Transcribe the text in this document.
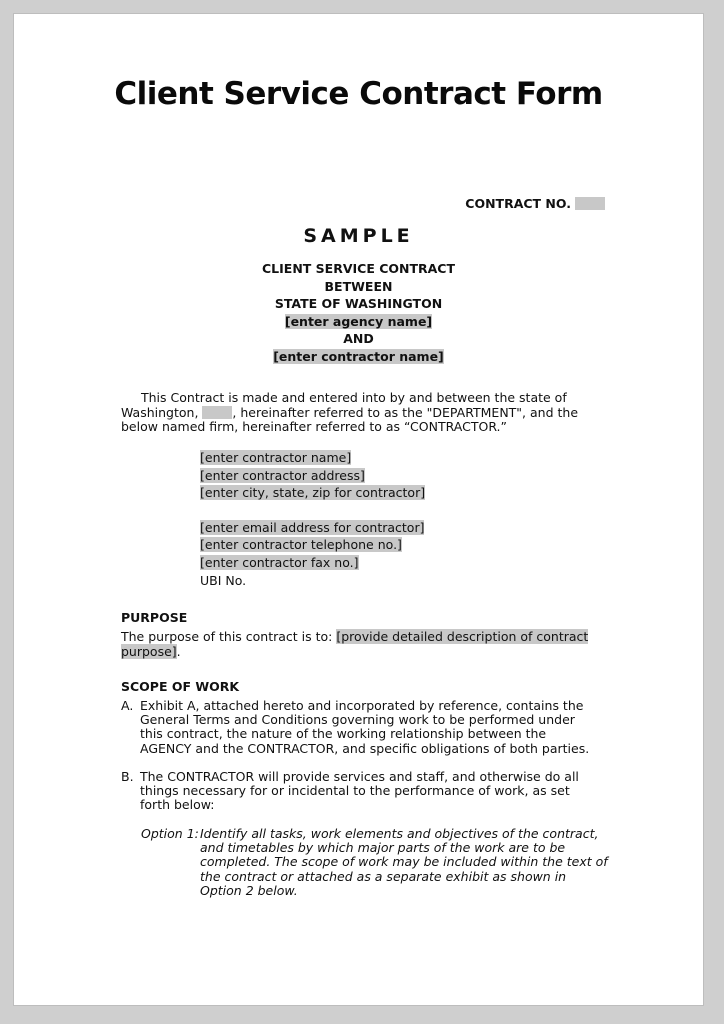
Client Service Contract Form
CONTRACT NO.
SAMPLE
CLIENT SERVICE CONTRACT
BETWEEN
STATE OF WASHINGTON
[enter agency name]
AND
[enter contractor name]
This Contract is made and entered into by and between the state of Washington,	, hereinafter referred to as the "DEPARTMENT", and the below named firm, hereinafter referred to as “CONTRACTOR.”
[enter contractor name]
[enter contractor address]
[enter city, state, zip for contractor]
[enter email address for contractor]
[enter contractor telephone no.]
[enter contractor fax no.]
UBI No.
PURPOSE
The purpose of this contract is to: [provide detailed description of contract purpose].
SCOPE OF WORK
A. Exhibit A, attached hereto and incorporated by reference, contains the General Terms and Conditions governing work to be performed under this contract, the nature of the working relationship between the AGENCY and the CONTRACTOR, and specific obligations of both parties.
B. The CONTRACTOR will provide services and staff, and otherwise do all things necessary for or incidental to the performance of work, as set forth below:
Option 1: Identify all tasks, work elements and objectives of the contract, and timetables by which major parts of the work are to be completed. The scope of work may be included within the text of the contract or attached as a separate exhibit as shown in Option 2 below.
